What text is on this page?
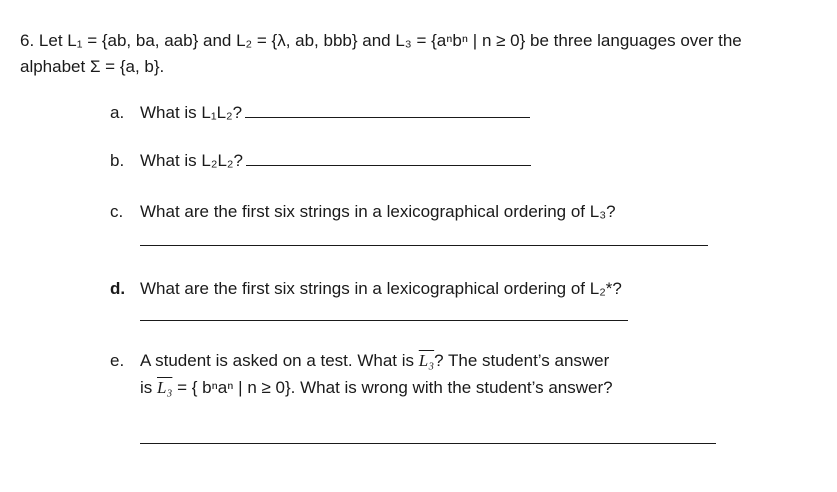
6. Let L₁ = {ab, ba, aab} and L₂ = {λ, ab, bbb} and L₃ = {aⁿbⁿ | n ≥ 0} be three languages over the
alphabet Σ = {a, b}.
a. What is L₁L₂?
b. What is L₂L₂?
c. What are the first six strings in a lexicographical ordering of L₃?
d. What are the first six strings in a lexicographical ordering of L₂*?
e. A student is asked on a test. What is L₃? The student’s answer
is L₃ = { bⁿaⁿ | n ≥ 0}. What is wrong with the student’s answer?
